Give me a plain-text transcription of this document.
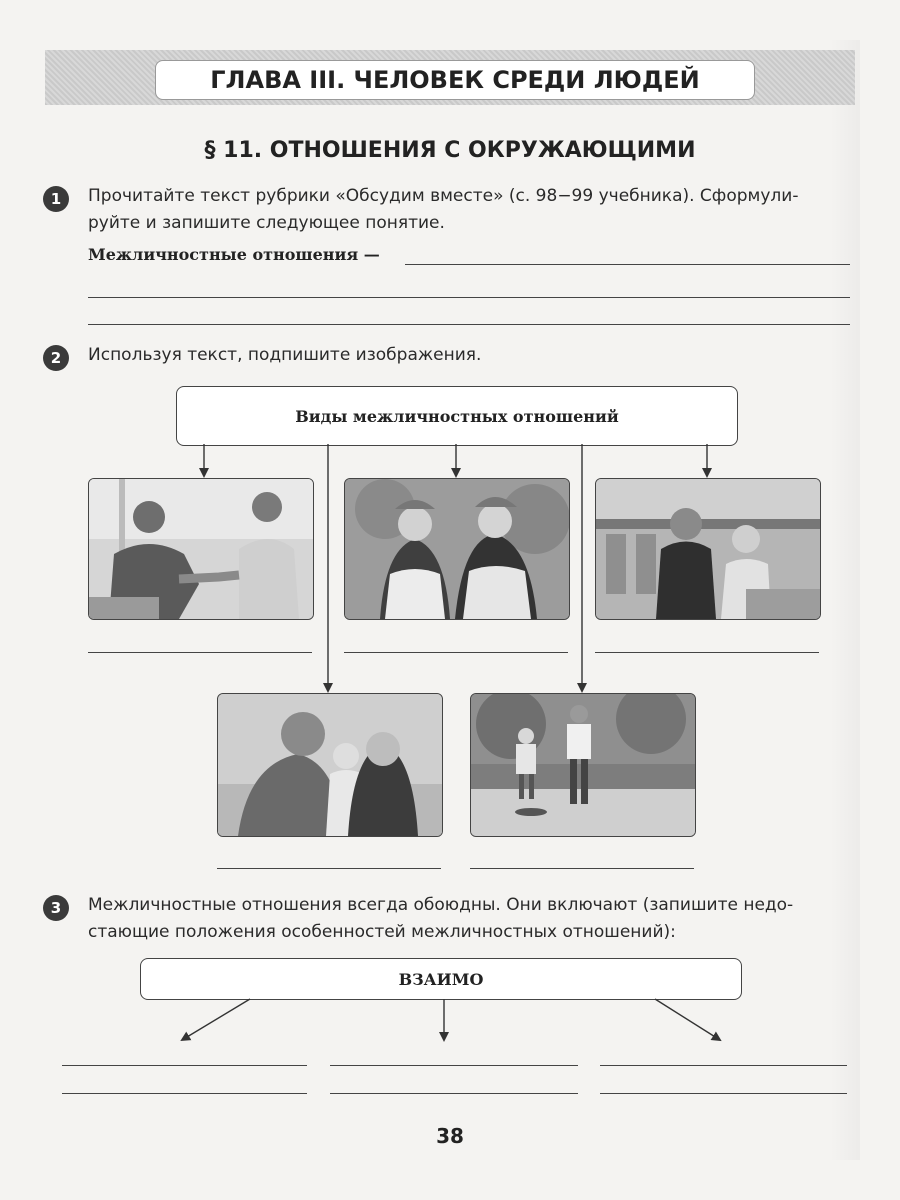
ГЛАВА III. ЧЕЛОВЕК СРЕДИ ЛЮДЕЙ
§ 11. ОТНОШЕНИЯ С ОКРУЖАЮЩИМИ
1	Прочитайте текст рубрики «Обсудим вместе» (с. 98−99 учебника). Сформули-
руйте и запишите следующее понятие.
Межличностные отношения —
2	Используя текст, подпишите изображения.
Виды межличностных отношений
3	Межличностные отношения всегда обоюдны. Они включают (запишите недо-
стающие положения особенностей межличностных отношений):
ВЗАИМО
38
